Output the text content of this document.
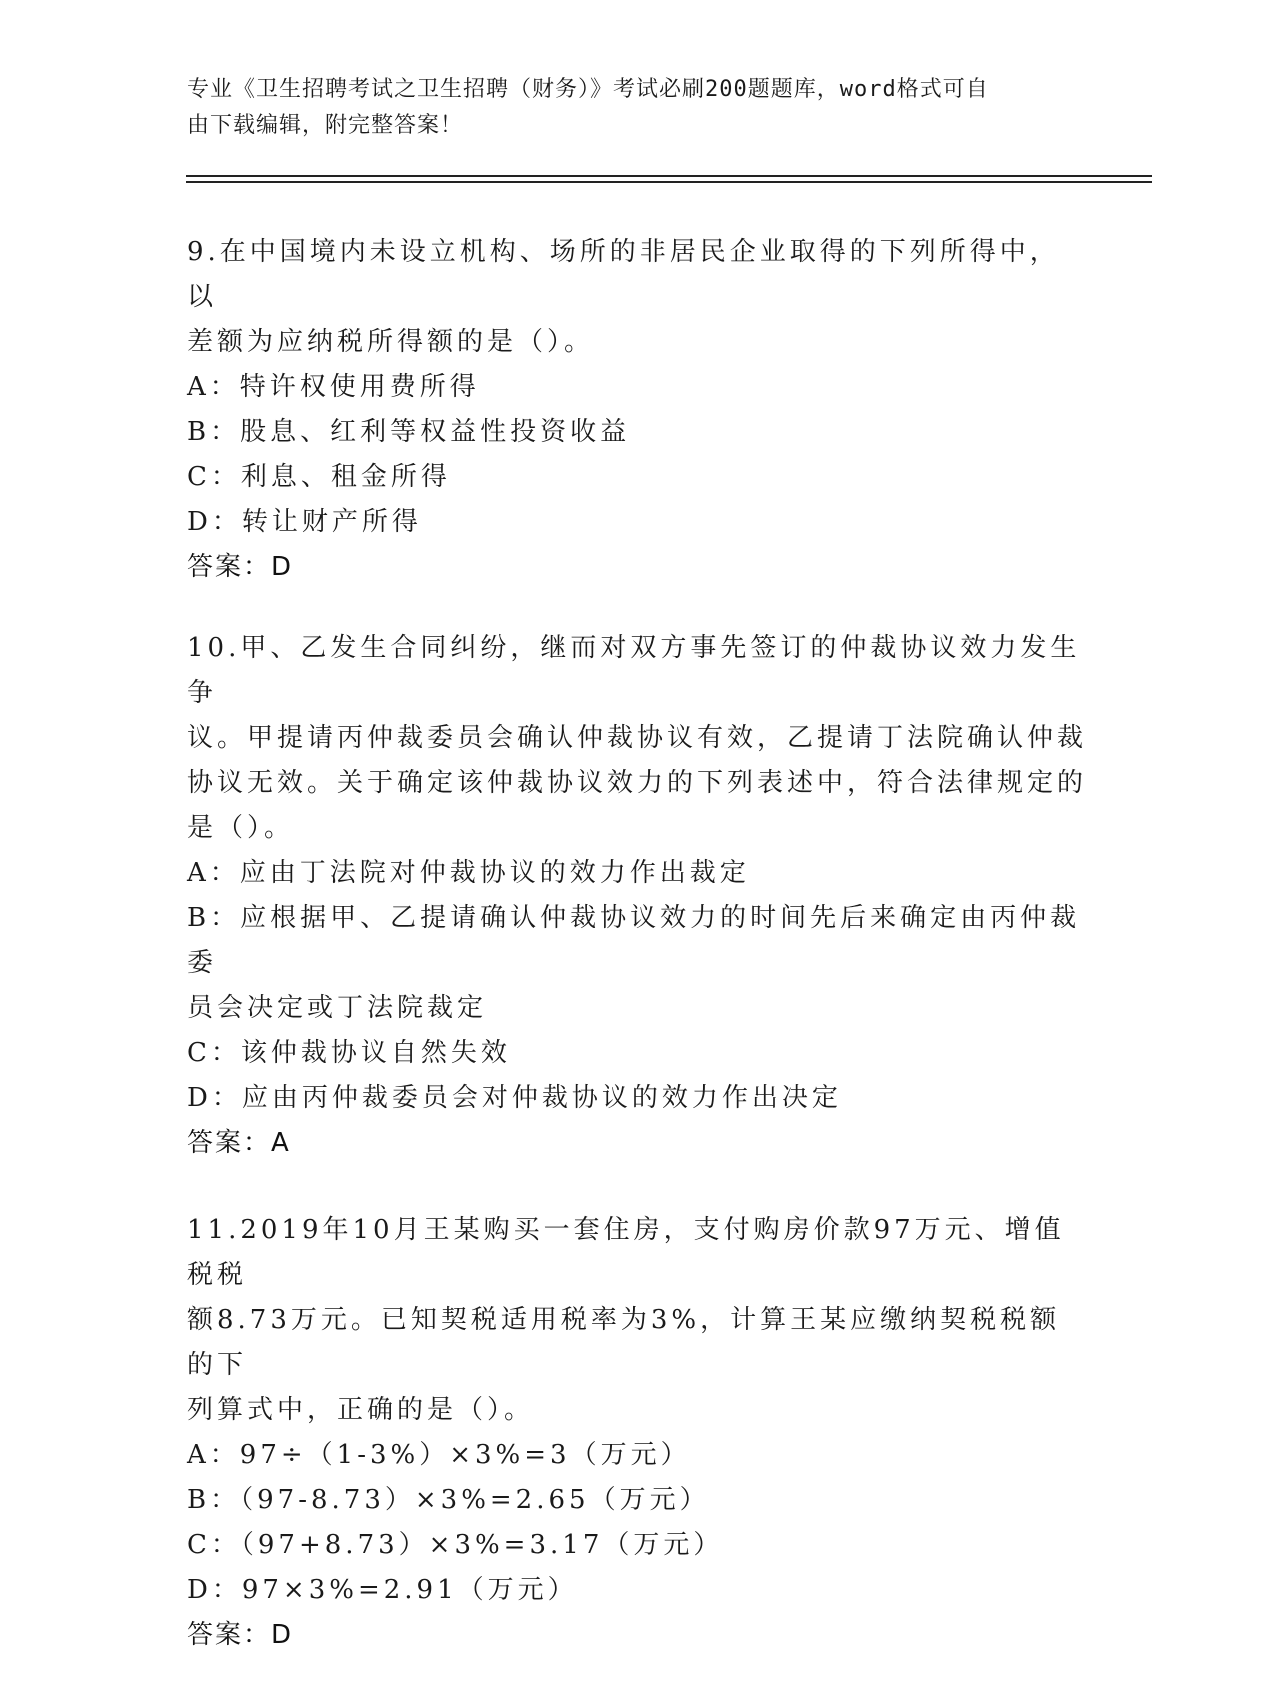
专业《卫生招聘考试之卫生招聘（财务）》考试必刷200题题库，word格式可自
由下载编辑，附完整答案！
9.在中国境内未设立机构、场所的非居民企业取得的下列所得中，以
差额为应纳税所得额的是（）。
A：特许权使用费所得
B：股息、红利等权益性投资收益
C：利息、租金所得
D：转让财产所得
答案：D
10.甲、乙发生合同纠纷，继而对双方事先签订的仲裁协议效力发生争
议。甲提请丙仲裁委员会确认仲裁协议有效，乙提请丁法院确认仲裁
协议无效。关于确定该仲裁协议效力的下列表述中，符合法律规定的
是（）。
A：应由丁法院对仲裁协议的效力作出裁定
B：应根据甲、乙提请确认仲裁协议效力的时间先后来确定由丙仲裁委
员会决定或丁法院裁定
C：该仲裁协议自然失效
D：应由丙仲裁委员会对仲裁协议的效力作出决定
答案：A
11.2019年10月王某购买一套住房，支付购房价款97万元、增值税税
额8.73万元。已知契税适用税率为3%，计算王某应缴纳契税税额的下
列算式中，正确的是（）。
A：97÷（1-3%）×3%=3（万元）
B：（97-8.73）×3%=2.65（万元）
C：（97+8.73）×3%=3.17（万元）
D：97×3%=2.91（万元）
答案：D
